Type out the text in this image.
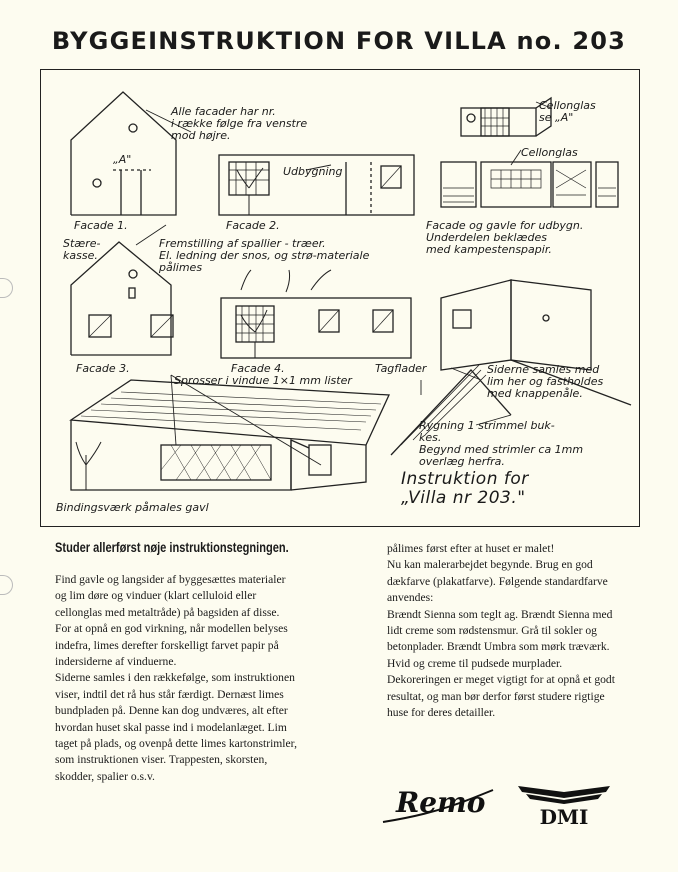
BYGGEINSTRUKTION FOR VILLA no. 203
Alle facader har nr.
i række følge fra venstre
mod højre.
„A"
Facade 1.	Facade 2.
Udbygning
Cellonglas
se „A"
Cellonglas
Facade og gavle for udbygn.
Underdelen beklædes
med kampestenspapir.
Stære-
kasse.
Fremstilling af spallier - træer.
El. ledning der snos, og strø-materiale
pålimes
Facade 3.	Facade 4.	Tagflader	Siderne samles med
lim her og fastholdes
med knappenåle.
Sprosser i vindue 1×1 mm lister
Rygning 1 strimmel buk-
kes.
Begynd med strimler ca 1mm
overlæg herfra.
Instruktion for
„Villa nr 203."
Bindingsværk påmales gavl
Studer allerførst nøje instruktionstegningen.

Find gavle og langsider af byggesættes materialer og lim døre og vinduer (klart celluloid eller cellonglas med metaltråde) på bagsiden af disse. For at opnå en god virkning, når modellen belyses indefra, limes derefter forskelligt farvet papir på indersiderne af vinduerne.

Siderne samles i den rækkefølge, som instruktionen viser, indtil det rå hus står færdigt. Dernæst limes bundpladen på. Denne kan dog undværes, alt efter hvordan huset skal passe ind i modelanlæget. Lim taget på plads, og ovenpå dette limes kartonstrimler, som instruktionen viser. Trappesten, skorsten, skodder, spalier o.s.v.

pålimes først efter at huset er malet!

Nu kan malerarbejdet begynde. Brug en god dækfarve (plakatfarve). Følgende standardfarve anvendes:

Brændt Sienna som teglt ag. Brændt Sienna med lidt creme som rødstensmur. Grå til sokler og betonplader. Brændt Umbra som mørk træværk. Hvid og creme til pudsede murplader.

Dekoreringen er meget vigtigt for at opnå et godt resultat, og man bør derfor først studere rigtige huse for deres detailler.

Remo	DMI
